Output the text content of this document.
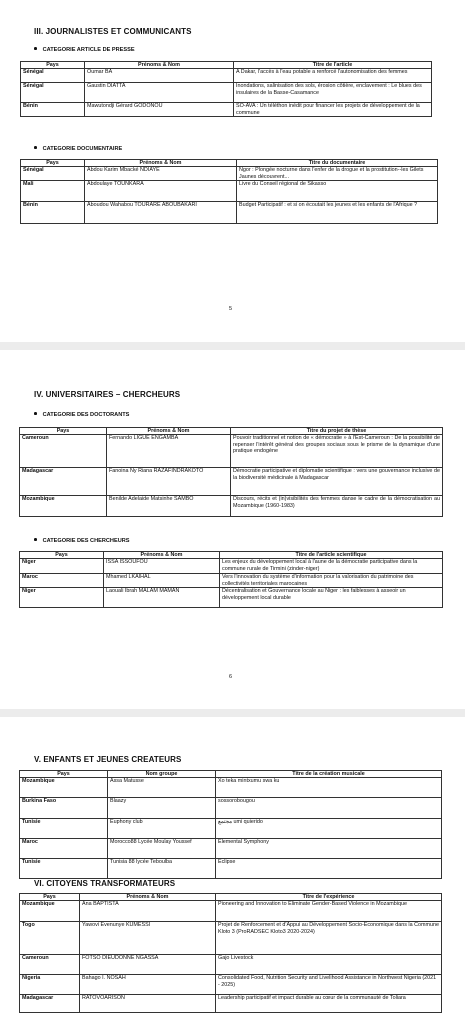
III. JOURNALISTES ET COMMUNICANTS
CATEGORIE ARTICLE DE PRESSE
Pays	Prénoms & Nom	Titre de l'article
Sénégal	Oumar BA	A Dakar, l'accès à l'eau potable a renforcé l'autonomisation des femmes
Sénégal	Gaustin DIATTA	Inondations, salinisation des sols, érosion côtière, enclavement : Le blues des insulaires de la Basse-Casamance
Bénin	Mawutondji Gérard GODONOU	SÔ-AVA : Un téléthon inédit pour financer les projets de développement de la commune
CATEGORIE DOCUMENTAIRE
Pays	Prénoms & Nom	Titre du documentaire
Sénégal	Abdou Karim Mbacké NDIAYE	Ngor : Plongée nocturne dans l'enfer de la drogue et la prostitution--les Gilets Jaunes découvrent...
Mali	Abdoulaye TOUNKARA	Livre du Conseil régional de Sikasso
Bénin	Aboudou Wahabou TOURARE ABOUBAKARI	Budget Participatif : et si on écoutait les jeunes et les enfants de l'Afrique ?
5
IV. UNIVERSITAIRES – CHERCHEURS
CATEGORIE DES DOCTORANTS
Pays	Prénoms & Nom	Titre du projet de thèse
Cameroun	Fernando LIGUE ENGAMBA	Pouvoir traditionnel et notion de « démocratie » à l'Est-Cameroun : De la possibilité de repenser l'intérêt général des groupes sociaux sous le prisme de la dynamique d'une pratique endogène
Madagascar	Fanoina Ny Riana RAZAFINDRAKOTO	Démocratie participative et diplomatie scientifique : vers une gouvernance inclusive de la biodiversité médicinale à Madagascar
Mozambique	Benilde Adelaide Matsinhe SAMBO	Discours, récits et (in)visibilités des femmes danse le cadre de la démocratisation au Mozambique (1960-1983)
CATEGORIE DES CHERCHEURS
Pays	Prénoms & Nom	Titre de l'article scientifique
Niger	ISSA ISSOUFOU	Les enjeux du développement local à l'aune de la démocratie participative dans la commune rurale de Tirmini (zinder-niger)
Maroc	Mhamed LKAIHAL	Vers l'innovation du système d'information pour la valorisation du patrimoine des collectivités territoriales marocaines
Niger	Laouali Ibrah MALAM MAMAN	Décentralisation et Gouvernance locale au Niger : les faiblesses à asseoir un développement local durable
6
V. ENFANTS ET JEUNES CREATEURS
Pays	Nom groupe	Titre de la création musicale
Mozambique	Assa Matusse	Xo teka mintxumu swa ku
Burkina Faso	Blaazy	sossorobougou
Tunisie	Euphony club	مجتمع umi quierido
Maroc	Morocco88 Lycée Moulay Youssef	Elemental Symphony
Tunisie	Tunisia 88 lycée Teboulba	Eclipse
VI. CITOYENS TRANSFORMATEURS
Pays	Prénoms & Nom	Titre de l'expérience
Mozambique	Ana BAPTISTA	Pioneering and Innovation to Eliminate Gender-Based Violence in Mozambique
Togo	Yawovi Evenunye KUMESSI	Projet de Renforcement et d'Appui au Développement Socio-Economique dans la Commune Kloto 3 (ProRADSEC Kloto3 2020-2024)
Cameroun	FOTSO DIEUDONNE NGASSA	Gajo Livestock
Nigeria	Bahago I. NOSAH	Consolidated Food, Nutrition Security and Livelihood Assistance in Northwest Nigeria (2021 - 2025)
Madagascar	RATOVOARISON	Leadership participatif et impact durable au cœur de la communauté de Toliara
